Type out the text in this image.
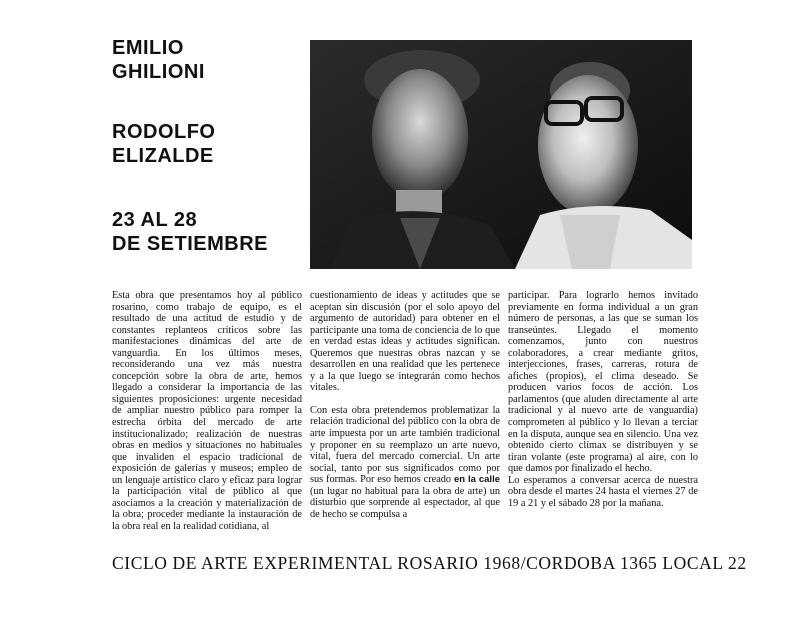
EMILIO

GHILIONI

RODOLFO

ELIZALDE

23 AL 28

DE SETIEMBRE

Esta obra que presentamos hoy al público rosarino, como trabajo de equipo, es el resultado de una actitud de estudio y de constantes replanteos críticos sobre las manifestaciones dinámicas del arte de vanguardia. En los últimos meses, reconsiderando una vez más nuestra concepción sobre la obra de arte, hemos llegado a considerar la importancia de las siguientes proposiciones: urgente necesidad de ampliar nuestro público para romper la estrecha órbita del mercado de arte institucionalizado; realización de nuestras obras en medios y situaciones no habituales que invaliden el espacio tradicional de exposición de galerías y museos; empleo de un lenguaje artístico claro y eficaz para lograr la participación vital de público al que asociamos a la creación y materialización de la obra; proceder mediante la instauración de la obra real en la realidad cotidiana, al

cuestionamiento de ideas y actitudes que se aceptan sin discusión (por el solo apoyo del argumento de autoridad) para obtener en el participante una toma de conciencia de lo que en verdad estas ideas y actitudes significan. Queremos que nuestras obras nazcan y se desarrollen en una realidad que les pertenece y a la que luego se integrarán como hechos vitales.

Con esta obra pretendemos problematizar la relación tradicional del público con la obra de arte impuesta por un arte también tradicional y proponer en su reemplazo un arte nuevo, vital, fuera del mercado comercial. Un arte social, tanto por sus significados como por sus formas. Por eso hemos creado en la calle (un lugar no habitual para la obra de arte) un disturbio que sorprende al espectador, al que de hecho se compulsa a

participar. Para lograrlo hemos invitado previamente en forma individual a un gran número de personas, a las que se suman los transeúntes. Llegado el momento comenzamos, junto con nuestros colaboradores, a crear mediante gritos, interjecciones, frases, carreras, rotura de afiches (propios), el clima deseado. Se producen varios focos de acción. Los parlamentos (que aluden directamente al arte tradicional y al nuevo arte de vanguardia) comprometen al público y lo llevan a terciar en la disputa, aunque sea en silencio. Una vez obtenido cierto clímax se distribuyen y se tiran volante (este programa) al aire, con lo que damos por finalizado el hecho.

Lo esperamos a conversar acerca de nuestra obra desde el martes 24 hasta el viernes 27 de 19 a 21 y el sábado 28 por la mañana.

CICLO DE ARTE EXPERIMENTAL ROSARIO 1968/CORDOBA 1365 LOCAL 22
